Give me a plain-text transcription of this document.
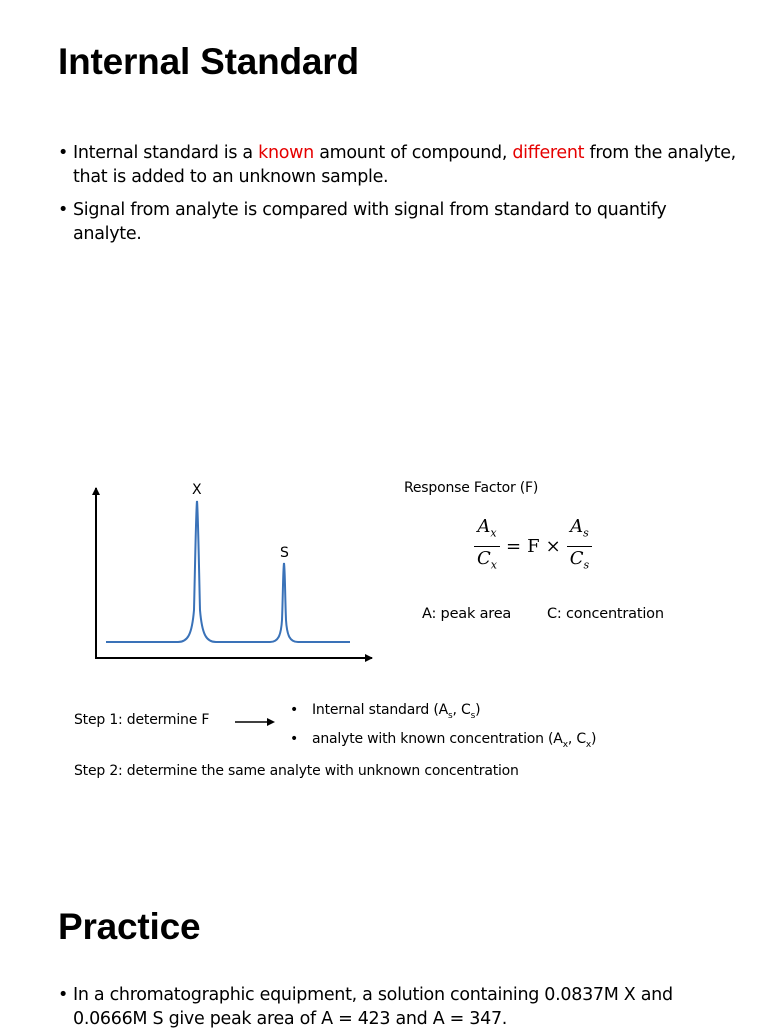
Internal Standard
• Internal standard is a known amount of compound, different from the analyte, that is added to an unknown sample.
• Signal from analyte is compared with signal from standard to quantify analyte.
X
S
Response Factor (F)
$\frac{A_x}{C_x} = F \times \frac{A_s}{C_s}$
A: peak area C: concentration
Step 1: determine F
• Internal standard ($A_s$, $C_s$)
• analyte with known concentration ($A_x$, $C_x$)
Step 2: determine the same analyte with unknown concentration
Practice
• In a chromatographic equipment, a solution containing 0.0837M X and 0.0666M S give peak area of A = 423 and A = 347.
